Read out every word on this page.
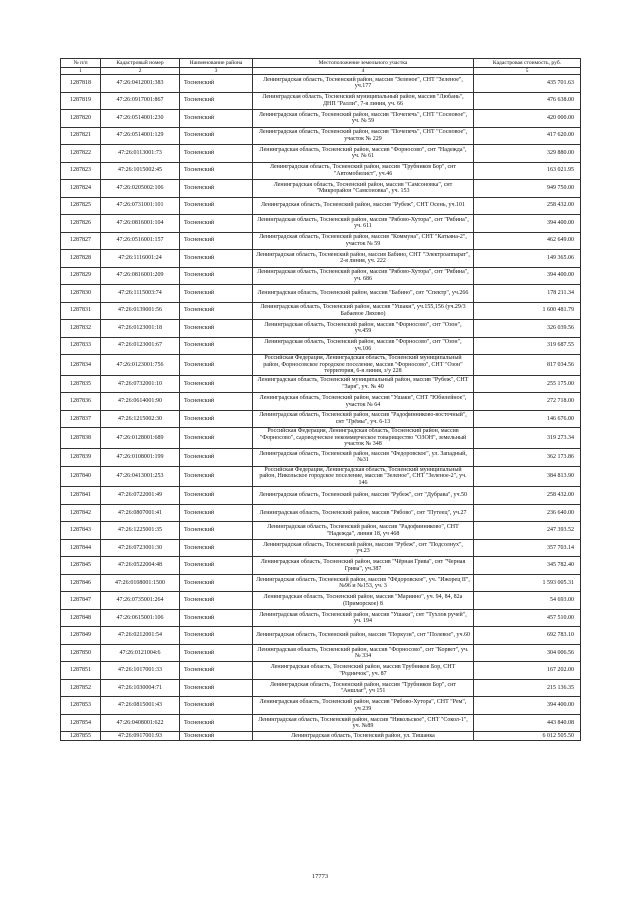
№ п/п	Кадастровый номер	Наименование района	Местоположение земельного участка	Кадастровая стоимость, руб.
1	2	3	4	5
1287818	47:26:0412001:383	Тосненский	Ленинградская область, Тосненский район, массив "Зеленое", СНТ "Зеленое", уч.177	435 701.63
1287819	47:26:0917001:867	Тосненский	Ленинградская область, Тосненский муниципальный район, массив "Любань", ДНП "Ралли", 7-я линия, уч. 66	476 638.00
1287820	47:26:0514001:230	Тосненский	Ленинградская область, Тосненский район, массив "Почепечь", СНТ "Сосновое", уч. № 59	420 000.00
1287821	47:26:0514001:129	Тосненский	Ленинградская область, Тосненский район, массив "Почепечь", СНТ "Сосновое", участок № 229	417 620.00
1287822	47:26:0113001:73	Тосненский	Ленинградская область, Тосненский район, массив "Форносово", снт "Надежда", уч. № 61	329 880.00
1287823	47:26:1015002:45	Тосненский	Ленинградская область, Тосненский район, массив "Трубников Бор", снт "Автомобилист", уч.46	163 021.95
1287824	47:26:0205002:106	Тосненский	Ленинградская область, Тосненский район, массив "Самсоновка", снт "Микрорайон "Самсоновка", уч. 153	949 750.00
1287825	47:26:0731001:101	Тосненский	Ленинградская область, Тосненский район, массив "Рубеж", СНТ Осень, уч.101	258 432.00
1287826	47:26:0816001:104	Тосненский	Ленинградская область, Тосненский район, массив "Рябово-Хутора", снт "Рябина", уч. 611	394 400.00
1287827	47:26:0516001:157	Тосненский	Ленинградская область, Тосненский район, массив "Коммуна", СНТ "Катьяна-2", участок № 59	462 649.00
1287828	47:26:1116001:24	Тосненский	Ленинградская область, Тосненский район, массив Бабино, СНТ "Электроаппарат", 2-я линия, уч. 222	149 365.06
1287829	47:26:0816001:209	Тосненский	Ленинградская область, Тосненский район, массив "Рябово-Хутора", снт "Рябина", уч. 686	394 400.00
1287830	47:26:1115003:74	Тосненский	Ленинградская область, Тосненский район, массив "Бабино", снт "Спектр", уч.266	178 211.34
1287831	47:26:0139001:56	Тосненский	Ленинградская область, Тосненский район, массив "Ушаки", уч.155,156 (уч.29/3 Бабаевое Ляхово)	1 600 481.79
1287832	47:26:0123001:18	Тосненский	Ленинградская область, Тосненский район, массив "Форносово", снт "Озон", уч.459	326 039.56
1287833	47:26:0123001:67	Тосненский	Ленинградская область, Тосненский район, массив "Форносово", снт "Озон", уч.106	319 687.55
1287834	47:26:0123001:756	Тосненский	Российская Федерация, Ленинградская область, Тосненский муниципальный район, Форносовское городское поселение, массив "Форносово", СНТ "Озон" территория, 6-я линия, з/у 228	817 034.56
1287835	47:26:0732001:10	Тосненский	Ленинградская область, Тосненский муниципальный район, массив "Рубеж", СНТ "Заря", уч. № 40	255 175.00
1287836	47:26:0614001:90	Тосненский	Ленинградская область, Тосненский район, массив "Ушаки", СНТ "Юбилейное", участок № 64	272 718.00
1287837	47:26:1215002:30	Тосненский	Ленинградская область, Тосненский район, массив "Радофинниково-восточный", снт "Грёмы", уч. 6-13	146 676.00
1287838	47:26:0128001:689	Тосненский	Российская Федерация, Ленинградская область, Тосненский район, массив "Форносово", садоводческое некоммерческое товарищество "ОЗОН", земельный участок № 348	319 273.34
1287839	47:26:0108001:199	Тосненский	Ленинградская область, Тосненский район, массив "Федоровское", ул. Западный, №31	362 173.86
1287840	47:26:0413001:253	Тосненский	Российская Федерация, Ленинградская область, Тосненский муниципальный район, Никольское городское поселение, массив "Зеленое", СНТ "Зеленое-2", уч. 146	384 813.90
1287841	47:26:0722001:49	Тосненский	Ленинградская область, Тосненский район, массив "Рубеж", снт "Дубрава", уч.50	258 432.00
1287842	47:26:0807001:41	Тосненский	Ленинградская область, Тосненский район, массив "Рябово", снт "Путеец", уч.27	236 640.00
1287843	47:26:1225001:35	Тосненский	Ленинградская область, Тосненский район, массив "Радофинниково", СНТ "Надежда", линия 18, уч 468	247 393.52
1287844	47:26:0723001:30	Тосненский	Ленинградская область, Тосненский район, массив "Рубеж", снт "Подсолнух", уч.23	357 703.14
1287845	47:26:0522004:48	Тосненский	Ленинградская область, Тосненский район, массив "Чёрная Грива", снт "Черная Грива", уч.387	345 782.40
1287846	47:26:0108001:1500	Тосненский	Ленинградская область, Тосненский район, массив "Фёдоровское", уч. "Ижорец II", №96 и №153, уч. 3	1 593 005.31
1287847	47:26:0735001:264	Тосненский	Ленинградская область, Тосненский район, массив "Мариино", уч. 94, 84, 82а (Приморское) 8	54 693.00
1287848	47:26:0615001:106	Тосненский	Ленинградская область, Тосненский район, массив "Ушаки", снт "Тухлов ручей", уч. 194	457 510.00
1287849	47:26:0212001:54	Тосненский	Ленинградская область, Тосненский район, массив "Поркузи", снт "Полевое", уч.60	692 783.10
1287850	47:26:0121004:6	Тосненский	Ленинградская область, Тосненский район, массив "Форносово", снт "Корвет", уч.№ 334	304 006.56
1287851	47:26:1017001:33	Тосненский	Ленинградская область, Тосненский район, массив Трубников Бор, СНТ "Родничок", уч. 87	167 202.00
1287852	47:26:1030004:71	Тосненский	Ленинградская область, Тосненский район, массив "Трубников Бор", снт "Аншлаг", уч 151	215 136.35
1287853	47:26:0815001:43	Тосненский	Ленинградская область, Тосненский район, массив "Рябово-Хутора", СНТ "Рем", уч 239	394 400.00
1287854	47:26:0408001:622	Тосненский	Ленинградская область, Тосненский район, массив "Никольское", СНТ "Сокол-1", уч. №89	443 840.08
1287855	47:26:0917001:93	Тосненский	Ленинградская область, Тосненский район, ул. Тишанка	6 012 505.50
17773
